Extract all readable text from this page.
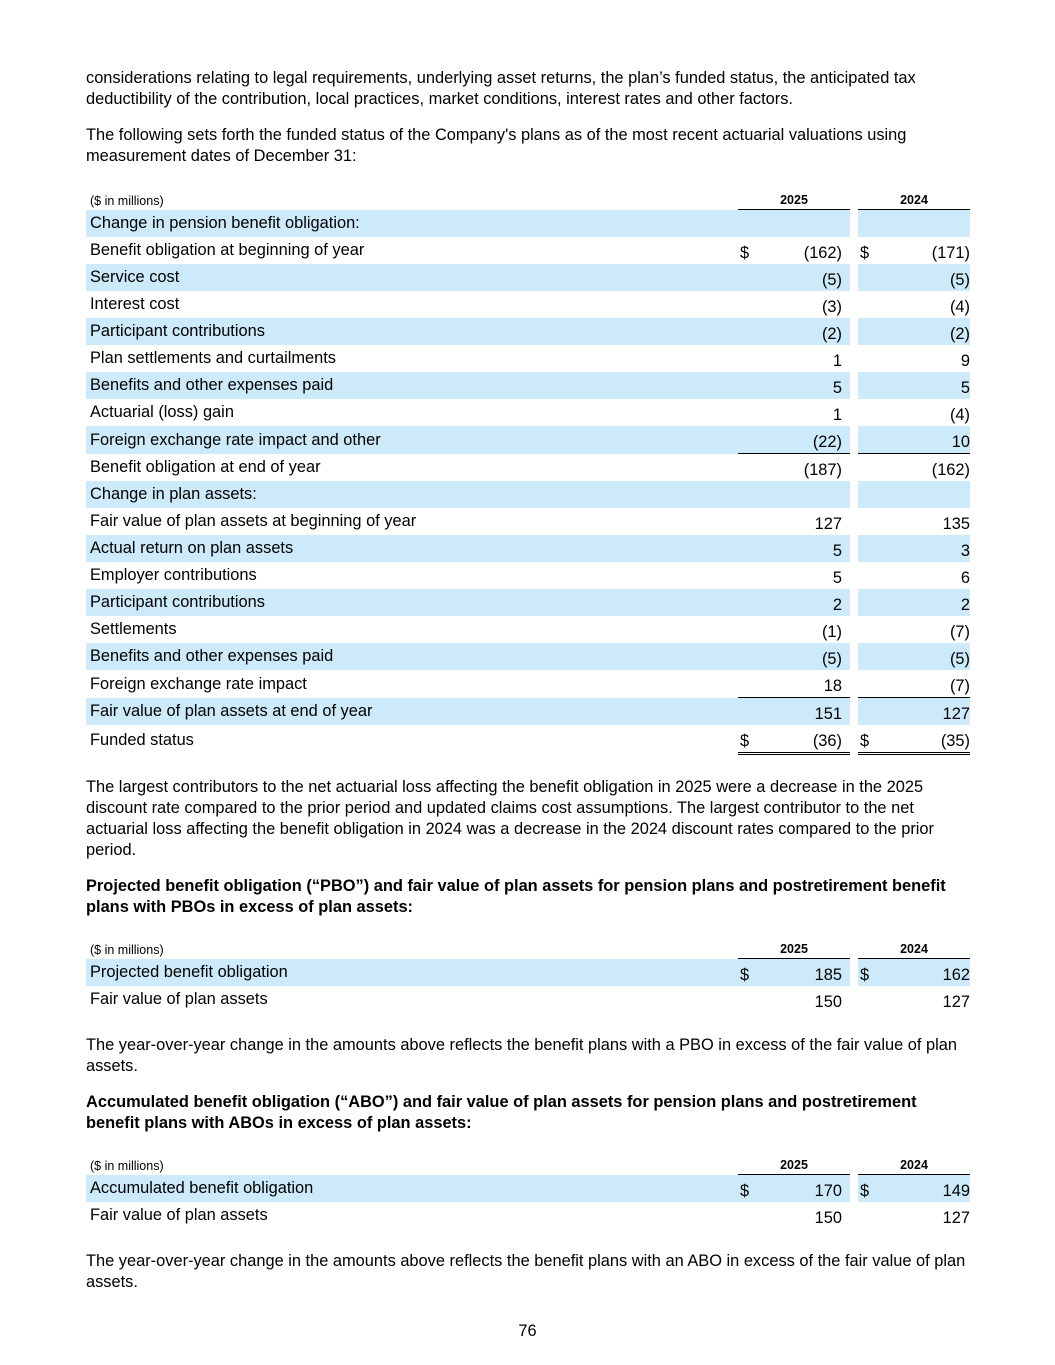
considerations relating to legal requirements, underlying asset returns, the plan’s funded status, the anticipated tax deductibility of the contribution, local practices, market conditions, interest rates and other factors.

The following sets forth the funded status of the Company's plans as of the most recent actuarial valuations using measurement dates of December 31:

($ in millions)	2025			2024	
Change in pension benefit obligation:					
Benefit obligation at beginning of year	$	(162)		$	(171)
Service cost		(5)			(5)
Interest cost		(3)			(4)
Participant contributions		(2)			(2)
Plan settlements and curtailments		1			9
Benefits and other expenses paid		5			5
Actuarial (loss) gain		1			(4)
Foreign exchange rate impact and other		(22)			10
Benefit obligation at end of year		(187)			(162)
Change in plan assets:					
Fair value of plan assets at beginning of year		127			135
Actual return on plan assets		5			3
Employer contributions		5			6
Participant contributions		2			2
Settlements		(1)			(7)
Benefits and other expenses paid		(5)			(5)
Foreign exchange rate impact		18			(7)
Fair value of plan assets at end of year		151			127
Funded status	$	(36)		$	(35)

The largest contributors to the net actuarial loss affecting the benefit obligation in 2025 were a decrease in the 2025 discount rate compared to the prior period and updated claims cost assumptions. The largest contributor to the net actuarial loss affecting the benefit obligation in 2024 was a decrease in the 2024 discount rates compared to the prior period.

Projected benefit obligation (“PBO”) and fair value of plan assets for pension plans and postretirement benefit plans with PBOs in excess of plan assets:

($ in millions)	2025			2024	
Projected benefit obligation	$	185		$	162
Fair value of plan assets		150			127

The year-over-year change in the amounts above reflects the benefit plans with a PBO in excess of the fair value of plan assets.

Accumulated benefit obligation (“ABO”) and fair value of plan assets for pension plans and postretirement benefit plans with ABOs in excess of plan assets:

($ in millions)	2025			2024	
Accumulated benefit obligation	$	170		$	149
Fair value of plan assets		150			127

The year-over-year change in the amounts above reflects the benefit plans with an ABO in excess of the fair value of plan assets.

76
